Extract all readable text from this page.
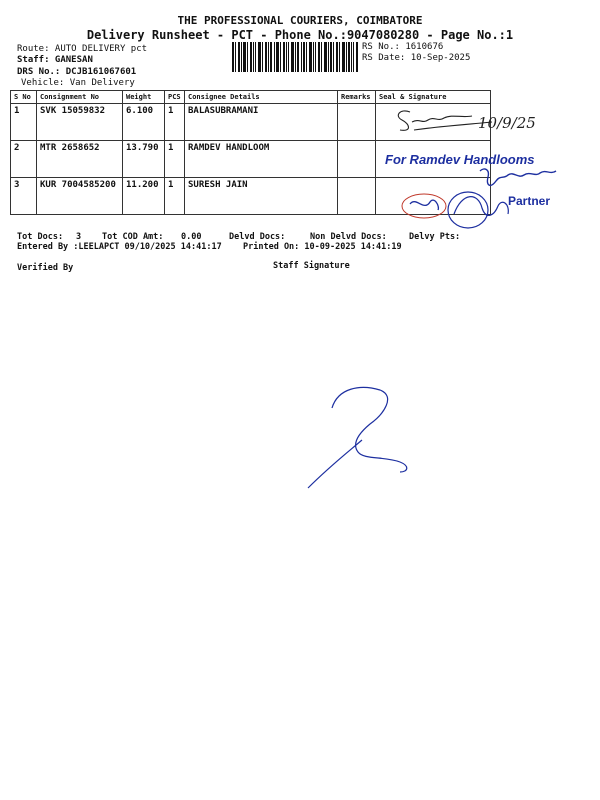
THE PROFESSIONAL COURIERS, COIMBATORE
Delivery Runsheet - PCT - Phone No.:9047080280 - Page No.:1
Route: AUTO DELIVERY pct
Staff: GANESAN
DRS No.: DCJB161067601
Vehicle: Van Delivery
RS No.: 1610676
RS Date: 10-Sep-2025
S No	Consignment No	Weight	PCS	Consignee Details	Remarks	Seal & Signature
1	SVK 15059832	6.100	1	BALASUBRAMANI		
2	MTR 2658652	13.790	1	RAMDEV HANDLOOM		
3	KUR 7004585200	11.200	1	SURESH JAIN		
10/9/25
For Ramdev Handlooms
Partner
Tot Docs: 3 Tot COD Amt: 0.00	Delvd Docs:	Non Delvd Docs:	Delvy Pts:
Entered By :LEELAPCT 09/10/2025 14:41:17	Printed On: 10-09-2025 14:41:19
Verified By	Staff Signature
